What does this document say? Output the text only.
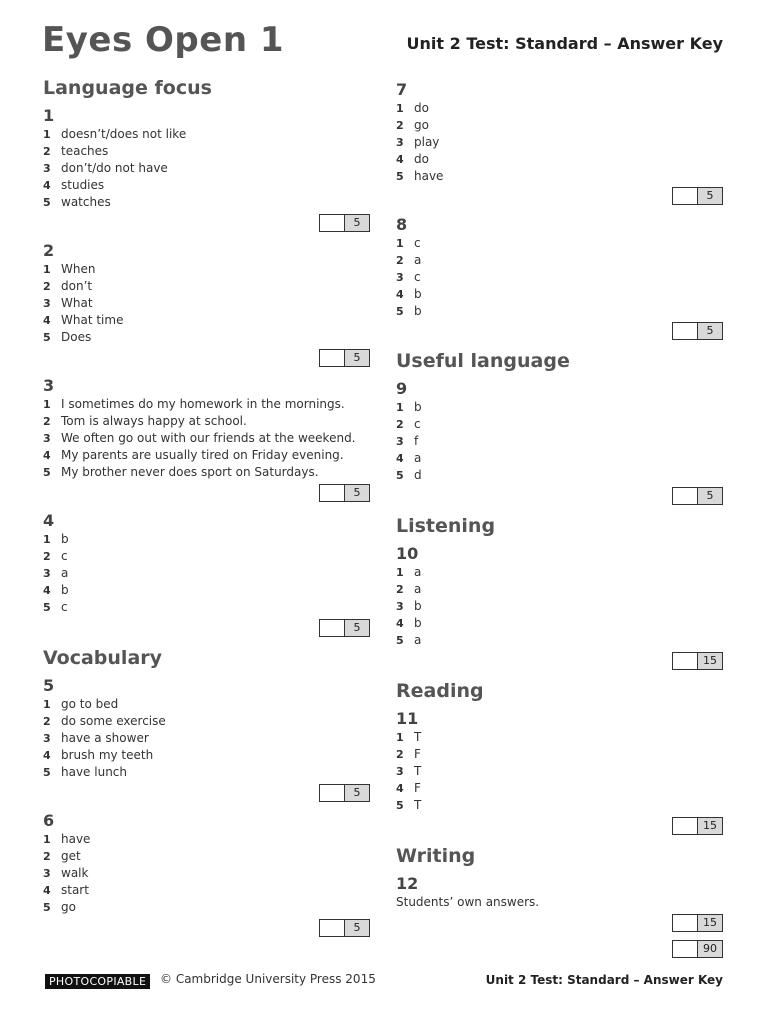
Eyes Open 1	Unit 2 Test: Standard – Answer Key
Language focus
1
1 doesn’t/does not like
2 teaches
3 don’t/do not have
4 studies
5 watches
5
2
1 When
2 don’t
3 What
4 What time
5 Does
5
3
1 I sometimes do my homework in the mornings.
2 Tom is always happy at school.
3 We often go out with our friends at the weekend.
4 My parents are usually tired on Friday evening.
5 My brother never does sport on Saturdays.
5
4
1 b
2 c
3 a
4 b
5 c
5
Vocabulary
5
1 go to bed
2 do some exercise
3 have a shower
4 brush my teeth
5 have lunch
5
6
1 have
2 get
3 walk
4 start
5 go
5
7
1 do
2 go
3 play
4 do
5 have
5
8
1 c
2 a
3 c
4 b
5 b
5
Useful language
9
1 b
2 c
3 f
4 a
5 d
5
Listening
10
1 a
2 a
3 b
4 b
5 a
15
Reading
11
1 T
2 F
3 T
4 F
5 T
15
Writing
12
Students’ own answers.
15
90
PHOTOCOPIABLE	© Cambridge University Press 2015	Unit 2 Test: Standard – Answer Key
